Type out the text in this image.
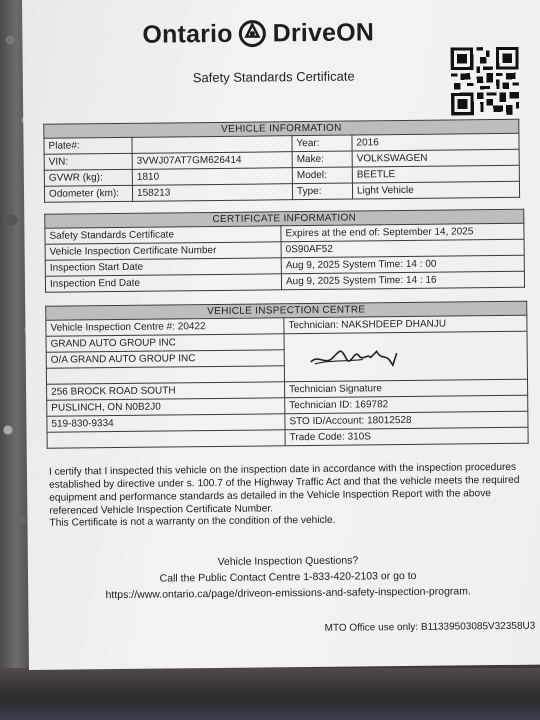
Ontario DriveON
Safety Standards Certificate
VEHICLE INFORMATION			
Plate#:		Year:	2016
VIN:	3VWJ07AT7GM626414	Make:	VOLKSWAGEN
GVWR (kg):	1810	Model:	BEETLE
Odometer (km):	158213	Type:	Light Vehicle
CERTIFICATE INFORMATION	
Safety Standards Certificate	Expires at the end of: September 14, 2025
Vehicle Inspection Certificate Number	0S90AF52
Inspection Start Date	Aug 9, 2025 System Time: 14 : 00
Inspection End Date	Aug 9, 2025 System Time: 14 : 16
VEHICLE INSPECTION CENTRE	
Vehicle Inspection Centre #: 20422	Technician: NAKSHDEEP DHANJU
GRAND AUTO GROUP INC	
O/A GRAND AUTO GROUP INC	

256 BROCK ROAD SOUTH	Technician Signature
PUSLINCH, ON N0B2J0	Technician ID: 169782
519-830-9334	STO ID/Account: 18012528
	Trade Code: 310S

I certify that I inspected this vehicle on the inspection date in accordance with the inspection procedures established by directive under s. 100.7 of the Highway Traffic Act and that the vehicle meets the required equipment and performance standards as detailed in the Vehicle Inspection Report with the above referenced Vehicle Inspection Certificate Number.

This Certificate is not a warranty on the condition of the vehicle.

Vehicle Inspection Questions?
Call the Public Contact Centre 1-833-420-2103 or go to
https://www.ontario.ca/page/driveon-emissions-and-safety-inspection-program.
MTO Office use only: B11339503085V32358U3
